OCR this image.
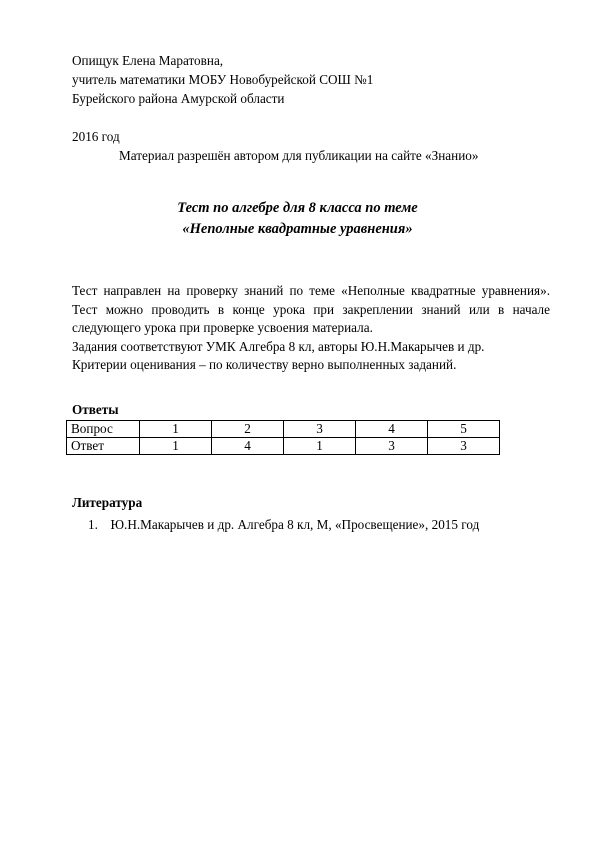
Опищук Елена Маратовна,
учитель математики МОБУ Новобурейской СОШ №1
Бурейского района Амурской области
2016 год
Материал разрешён автором для публикации на сайте «Знанио»
Тест по алгебре для 8 класса по теме
«Неполные квадратные уравнения»

Тест направлен на проверку знаний по теме «Неполные квадратные уравнения». Тест можно проводить в конце урока при закреплении знаний или в начале следующего урока при проверке усвоения материала.

Задания соответствуют УМК Алгебра 8 кл, авторы Ю.Н.Макарычев и др.

Критерии оценивания – по количеству верно выполненных заданий.

Ответы
Вопрос	1	2	3	4	5
Ответ	1	4	1	3	3
Литература
1. Ю.Н.Макарычев и др. Алгебра 8 кл, М, «Просвещение», 2015 год
